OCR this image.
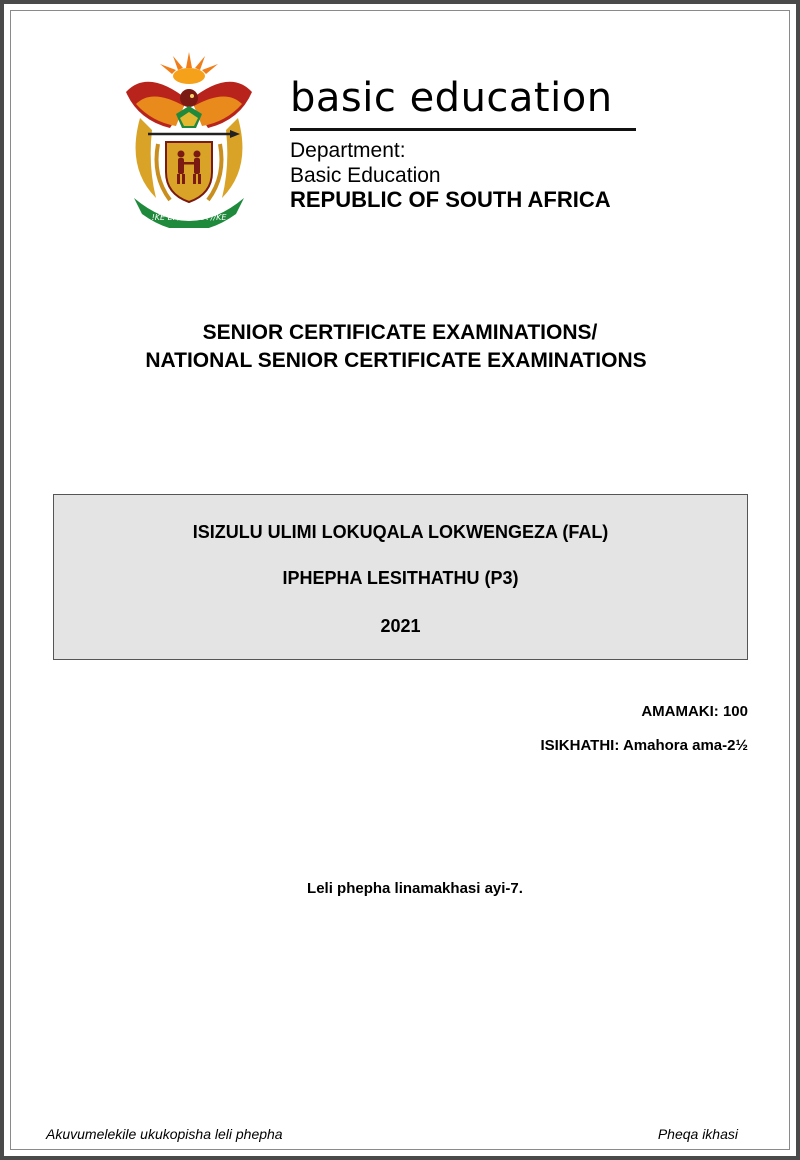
!KE E: /XARRA //KE
basic education
Department:
Basic Education
REPUBLIC OF SOUTH AFRICA
SENIOR CERTIFICATE EXAMINATIONS/
NATIONAL SENIOR CERTIFICATE EXAMINATIONS
ISIZULU ULIMI LOKUQALA LOKWENGEZA (FAL)
IPHEPHA LESITHATHU (P3)
2021
AMAMAKI: 100
ISIKHATHI: Amahora ama-2½
Leli phepha linamakhasi ayi-7.
Akuvumelekile ukukopisha leli phepha	Pheqa ikhasi
